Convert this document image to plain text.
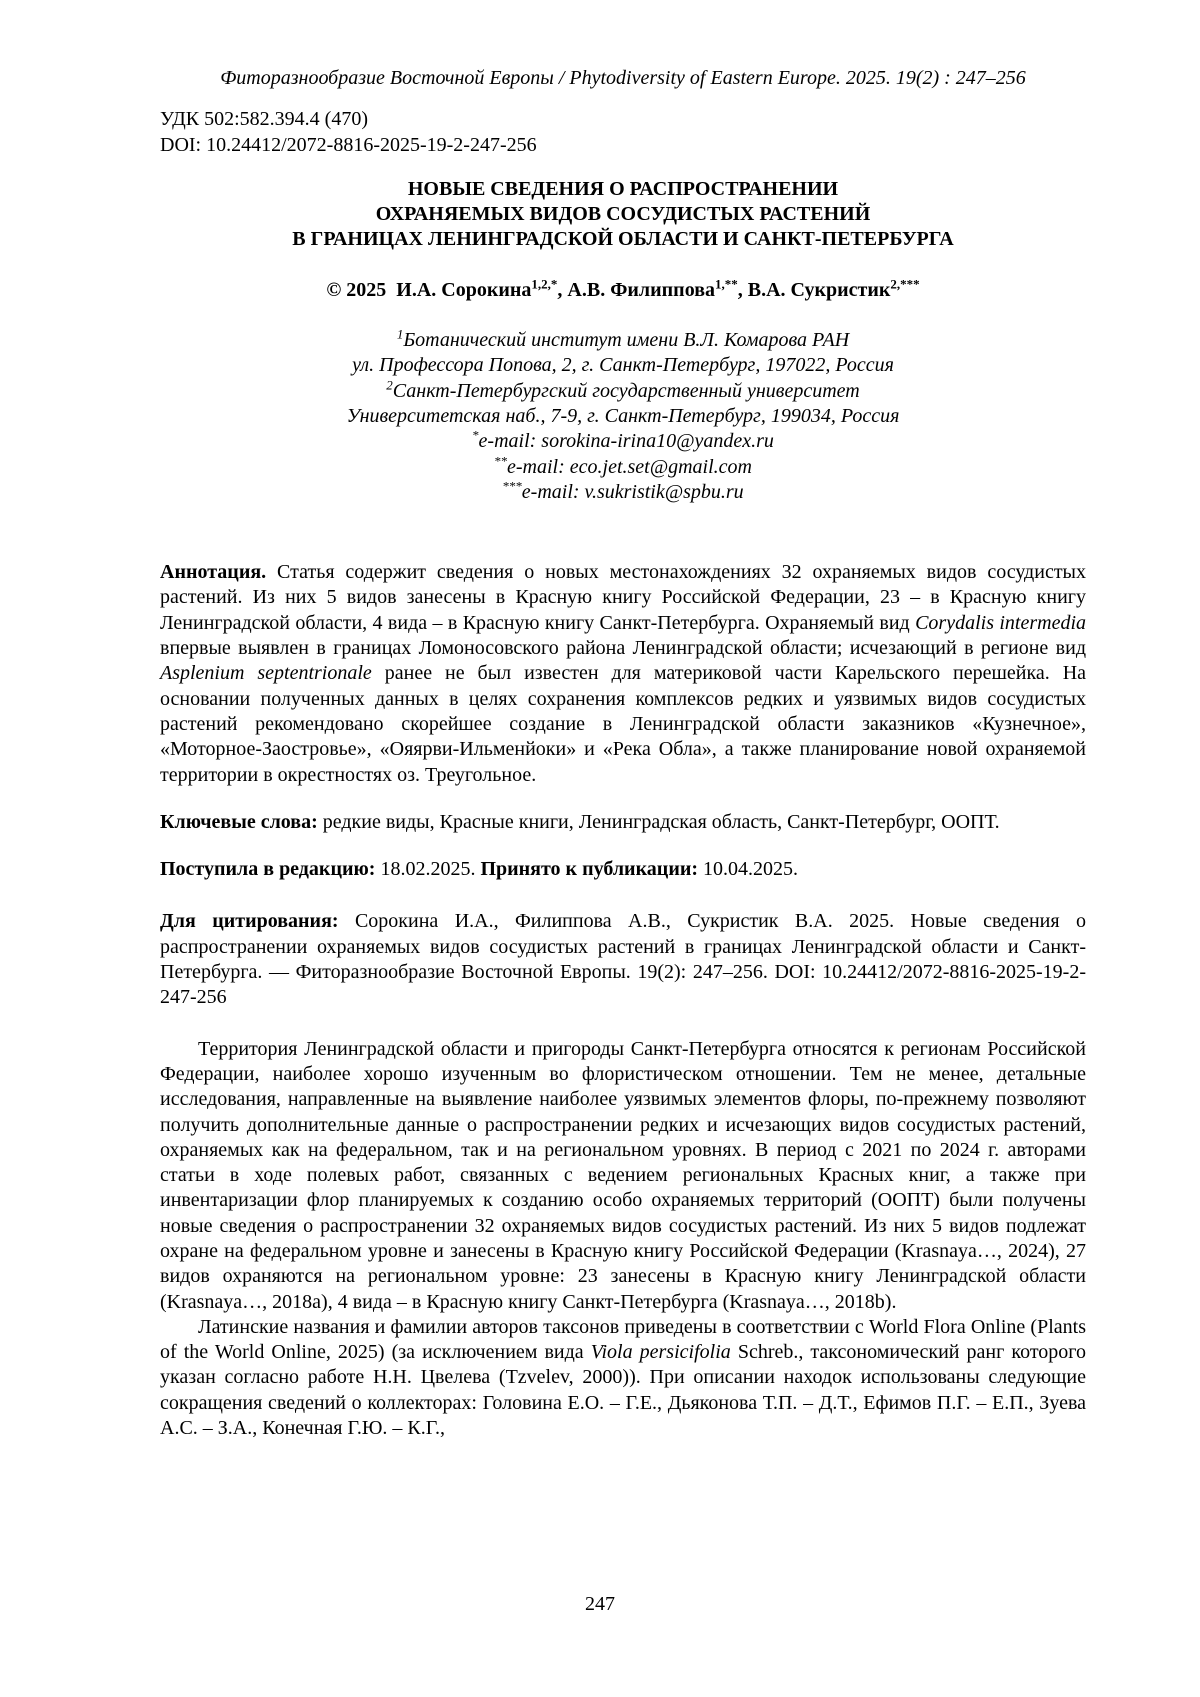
Фиторазнообразие Восточной Европы / Phytodiversity of Eastern Europe. 2025. 19(2) : 247–256
УДК 502:582.394.4 (470)
DOI: 10.24412/2072-8816-2025-19-2-247-256
НОВЫЕ СВЕДЕНИЯ О РАСПРОСТРАНЕНИИ
ОХРАНЯЕМЫХ ВИДОВ СОСУДИСТЫХ РАСТЕНИЙ
В ГРАНИЦАХ ЛЕНИНГРАДСКОЙ ОБЛАСТИ И САНКТ-ПЕТЕРБУРГА
© 2025  И.А. Сорокина$^{1,2,*}$, А.В. Филиппова$^{1,**}$, В.А. Сукристик$^{2,***}$
$^1$Ботанический институт имени В.Л. Комарова РАН
ул. Профессора Попова, 2, г. Санкт-Петербург, 197022, Россия
$^2$Санкт-Петербургский государственный университет
Университетская наб., 7-9, г. Санкт-Петербург, 199034, Россия
*e-mail: sorokina-irina10@yandex.ru
**e-mail: eco.jet.set@gmail.com
***e-mail: v.sukristik@spbu.ru
Аннотация. Статья содержит сведения о новых местонахождениях 32 охраняемых видов сосудистых растений. Из них 5 видов занесены в Красную книгу Российской Федерации, 23 – в Красную книгу Ленинградской области, 4 вида – в Красную книгу Санкт-Петербурга. Охраняемый вид Corydalis intermedia впервые выявлен в границах Ломоносовского района Ленинградской области; исчезающий в регионе вид Asplenium septentrionale ранее не был известен для материковой части Карельского перешейка. На основании полученных данных в целях сохранения комплексов редких и уязвимых видов сосудистых растений рекомендовано скорейшее создание в Ленинградской области заказников «Кузнечное», «Моторное-Заостровье», «Ояярви-Ильменйоки» и «Река Обла», а также планирование новой охраняемой территории в окрестностях оз. Треугольное.
Ключевые слова: редкие виды, Красные книги, Ленинградская область, Санкт-Петербург, ООПТ.
Поступила в редакцию: 18.02.2025. Принято к публикации: 10.04.2025.
Для цитирования: Сорокина И.А., Филиппова А.В., Сукристик В.А. 2025. Новые сведения о распространении охраняемых видов сосудистых растений в границах Ленинградской области и Санкт-Петербурга. — Фиторазнообразие Восточной Европы. 19(2): 247–256. DOI: 10.24412/2072-8816-2025-19-2-247-256
Территория Ленинградской области и пригороды Санкт-Петербурга относятся к регионам Российской Федерации, наиболее хорошо изученным во флористическом отношении. Тем не менее, детальные исследования, направленные на выявление наиболее уязвимых элементов флоры, по-прежнему позволяют получить дополнительные данные о распространении редких и исчезающих видов сосудистых растений, охраняемых как на федеральном, так и на региональном уровнях. В период с 2021 по 2024 г. авторами статьи в ходе полевых работ, связанных с ведением региональных Красных книг, а также при инвентаризации флор планируемых к созданию особо охраняемых территорий (ООПТ) были получены новые сведения о распространении 32 охраняемых видов сосудистых растений. Из них 5 видов подлежат охране на федеральном уровне и занесены в Красную книгу Российской Федерации (Krasnaya…, 2024), 27 видов охраняются на региональном уровне: 23 занесены в Красную книгу Ленинградской области (Krasnaya…, 2018a), 4 вида – в Красную книгу Санкт-Петербурга (Krasnaya…, 2018b).
Латинские названия и фамилии авторов таксонов приведены в соответствии с World Flora Online (Plants of the World Online, 2025) (за исключением вида Viola persicifolia Schreb., таксономический ранг которого указан согласно работе Н.Н. Цвелева (Tzvelev, 2000)). При описании находок использованы следующие сокращения сведений о коллекторах: Головина Е.О. – Г.Е., Дьяконова Т.П. – Д.Т., Ефимов П.Г. – Е.П., Зуева А.С. – З.А., Конечная Г.Ю. – К.Г.,
247
